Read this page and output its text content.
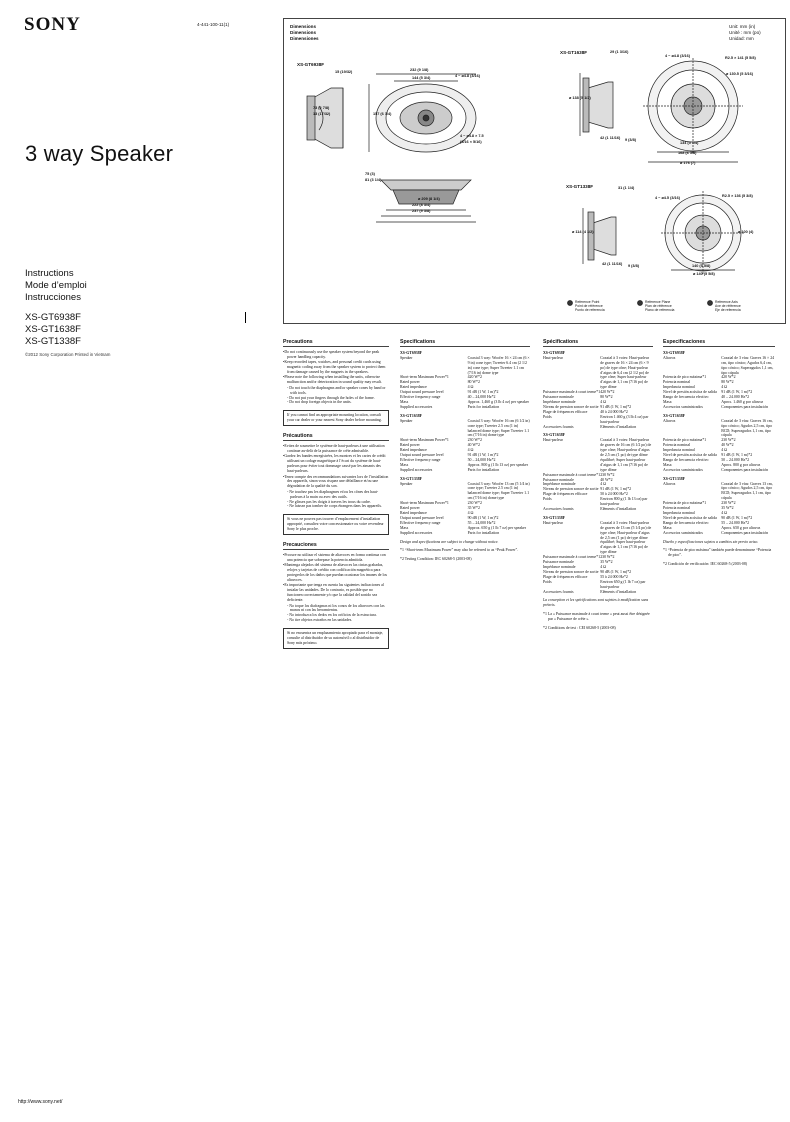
SONY	4-441-100-11(1)
3 way Speaker
Instructions
Mode d’emploi
Instrucciones
XS-GT6938F
XS-GT1638F
XS-GT1338F
©2012 Sony Corporation Printed in Vietnam
http://www.sony.net/
Dimensions
Dimensions
Dimensiones
Unit: mm (in)
Unité : mm (po)
Unidad: mm
XS-GT6938F
XS-GT1638F
XS-GT1338F
232 (9 1/8)
144 (5 3/4)	4 − ø4.8 (3/16)
15 (19/32)
73 (2 7/8)
13 (17/32)	157 (6 1/4)
4 − ø4.8 × 7.5
(3/16 × 5/16)
75 (3)
81 (3 1/4)
ø 209 (8 1/4)
222 (8 3/4)
237 (9 3/8)
29 (1 3/16)
4 − ø4.8 (3/16)	R2.5 × 141 (5 5/8)
ø 138 (5 1/2)
42 (1 11/16) 9 (3/8)
ø 130.5 (5 3/16)
134 (5 1/4)
168 (6 5/8)
ø 176 (7)
31 (1 1/4)
4 − ø4.5 (3/16)	R2.5 × 136 (5 3/8)
ø 114 (4 1/2)
42 (1 11/16) 9 (3/8)
ø 100 (4)
140 (5 5/8)
ø 140 (5 5/8)
Reference Point
Point de référence
Punto de referencia
Reference Plane
Plan de référence
Plano de referencia
Reference Axis
Axe de référence
Eje de referencia
Precautions
•Do not continuously use the speaker system beyond the peak power handling capacity.
•Keep recorded tapes, watches, and personal credit cards using magnetic coding away from the speaker system to protect them from damage caused by the magnets in the speakers.
•Please note the following when installing the units, otherwise malfunction and/or deterioration in sound quality may result.
- Do not touch the diaphragms and/or speaker cones by hand or with tools.
- Do not put your fingers through the holes of the frame.
- Do not drop foreign objects in the units.
If you cannot find an appropriate mounting location, consult your car dealer or your nearest Sony dealer before mounting.
Précautions
•Evitez de soumettre le système de haut-parleurs à une utilisation continue au-delà de la puissance de crête admissible.
•Gardez les bandes enregistrées, les montres et les cartes de crédit utilisant un codage magnétique à l’écart du système de haut-parleurs pour éviter tout dommage causé par les aimants des haut-parleurs.
•Tenez compte des recommandations suivantes lors de l’installation des appareils, sinon vous risquez une défaillance et/ou une dégradation de la qualité du son.
- Ne touchez pas les diaphragmes et/ou les cônes des haut-parleurs à la main ou avec des outils.
- Ne glissez pas les doigts à travers les trous du cadre.
- Ne laissez pas tomber de corps étrangers dans les appareils.
Si vous ne pouvez pas trouver d’emplacement d’installation approprié, consultez votre concessionnaire ou votre revendeur Sony le plus proche.
Precauciones
•Procure no utilizar el sistema de altavoces en forma continua con una potencia que sobrepase la potencia admitida.
•Mantenga alejados del sistema de altavoces las cintas grabadas, relojes y tarjetas de crédito con codificación magnética para protegerlos de los daños que puedan ocasionar los imanes de los altavoces.
•Es importante que tenga en cuenta las siguientes indicaciones al instalar las unidades. De lo contrario, es posible que no funcionen correctamente y/o que la calidad del sonido sea deficiente.
- No toque los diafragmas ni los conos de los altavoces con las manos ni con las herramientas.
- No introduzca los dedos en los orificios de la estructura.
- No tire objetos extraños en las unidades.
Si no encuentra un emplazamiento apropiado para el montaje, consulte al distribuidor de su automóvil o al distribuidor de Sony más próximo.
Specifications
XS-GT6938F
Speaker	Coaxial 3 way: Woofer 16 × 24 cm (6 × 9 in) cone type; Tweeter 6.4 cm (2 1/2 in) cone type; Super Tweeter 1.1 cm (7/16 in) dome type
Short-term Maximum Power*1	420 W*2
Rated power	80 W*2
Rated impedance	4 Ω
Output sound pressure level	91 dB (1 W, 1 m)*2
Effective frequency range	40 – 24,000 Hz*2
Mass	Approx. 1,460 g (3 lb 4 oz) per speaker
Supplied accessories	Parts for installation
XS-GT1638F
Speaker	Coaxial 3 way: Woofer 16 cm (6 1/2 in) cone type; Tweeter 2.5 cm (1 in) balanced dome type; Super Tweeter 1.1 cm (7/16 in) dome type
Short-term Maximum Power*1	230 W*2
Rated power	40 W*2
Rated impedance	4 Ω
Output sound pressure level	91 dB (1 W, 1 m)*2
Effective frequency range	50 – 24,000 Hz*2
Mass	Approx. 800 g (1 lb 13 oz) per speaker
Supplied accessories	Parts for installation
XS-GT1338F
Speaker	Coaxial 3 way: Woofer 13 cm (5 1/4 in) cone type; Tweeter 2.5 cm (1 in) balanced dome type; Super Tweeter 1.1 cm (7/16 in) dome type
Short-term Maximum Power*1	230 W*2
Rated power	35 W*2
Rated impedance	4 Ω
Output sound pressure level	90 dB (1 W, 1 m)*2
Effective frequency range	55 – 24,000 Hz*2
Mass	Approx. 650 g (1 lb 7 oz) per speaker
Supplied accessories	Parts for installation
Design and specifications are subject to change without notice.
*1 “Short-term Maximum Power” may also be referred to as “Peak Power”.
*2 Testing Condition: IEC 60268-5 (2003-08)
Spécifications
XS-GT6938F
Haut-parleur	Coaxial à 3 voies: Haut-parleur de graves de 16 × 24 cm (6 × 9 po) de type cône; Haut-parleur d’aigus de 6,4 cm (2 1/2 po) de type cône; Super haut-parleur d’aigus de 1,1 cm (7/16 po) de type dôme
Puissance maximale à court terme*1 420 W*2
Puissance nominale	80 W*2
Impédance nominale	4 Ω
Niveau de pression sonore de sortie 91 dB (1 W, 1 m)*2
Plage de fréquences efficace	40 à 24 000 Hz*2
Poids	Environ 1 460 g (3 lb 4 oz) par haut-parleur
Accessoires fournis	Eléments d’installation
XS-GT1638F
Haut-parleur	Coaxial à 3 voies: Haut-parleur de graves de 16 cm (6 1/2 po) de type cône; Haut-parleur d’aigus de 2,5 cm (1 po) de type dôme équilibré; Super haut-parleur d’aigus de 1,1 cm (7/16 po) de type dôme
Puissance maximale à court terme*1 230 W*2
Puissance nominale	40 W*2
Impédance nominale	4 Ω
Niveau de pression sonore de sortie 91 dB (1 W, 1 m)*2
Plage de fréquences efficace	50 à 24 000 Hz*2
Poids	Environ 800 g (1 lb 13 oz) par haut-parleur
Accessoires fournis	Eléments d’installation
XS-GT1338F
Haut-parleur	Coaxial à 3 voies: Haut-parleur de graves de 13 cm (5 1/4 po) de type cône; Haut-parleur d’aigus de 2,5 cm (1 po) de type dôme équilibré; Super haut-parleur d’aigus de 1,1 cm (7/16 po) de type dôme
Puissance maximale à court terme*1 230 W*2
Puissance nominale	35 W*2
Impédance nominale	4 Ω
Niveau de pression sonore de sortie 90 dB (1 W, 1 m)*2
Plage de fréquences efficace	55 à 24 000 Hz*2
Poids	Environ 650 g (1 lb 7 oz) par haut-parleur
Accessoires fournis	Eléments d’installation
La conception et les spécifications sont sujettes à modification sans préavis.
*1 La « Puissance maximale à court terme » peut aussi être désignée par « Puissance de crête ».
*2 Conditions de test : CEI 60268-5 (2003-08)
Especificaciones
XS-GT6938F
Altavoz	Coaxial de 3 vías: Graves 16 × 24 cm, tipo cónico; Agudos 6,4 cm, tipo cónico; Superagudos 1,1 cm, tipo cúpula
Potencia de pico máxima*1	420 W*2
Potencia nominal	80 W*2
Impedancia nominal	4 Ω
Nivel de presión acústica de salida	91 dB (1 W, 1 m)*2
Rango de frecuencia efectivo	40 – 24.000 Hz*2
Masa	Aprox. 1.460 g por altavoz
Accesorios suministrados	Componentes para instalación
XS-GT1638F
Altavoz	Coaxial de 3 vías: Graves 16 cm, tipo cónico; Agudos 2,5 cm, tipo BCD; Superagudos 1,1 cm, tipo cúpula
Potencia de pico máxima*1	230 W*2
Potencia nominal	40 W*2
Impedancia nominal	4 Ω
Nivel de presión acústica de salida	91 dB (1 W, 1 m)*2
Rango de frecuencia efectivo	50 – 24.000 Hz*2
Masa	Aprox. 800 g por altavoz
Accesorios suministrados	Componentes para instalación
XS-GT1338F
Altavoz	Coaxial de 3 vías: Graves 13 cm, tipo cónico; Agudos 2,5 cm, tipo BCD; Superagudos 1,1 cm, tipo cúpula
Potencia de pico máxima*1	230 W*2
Potencia nominal	35 W*2
Impedancia nominal	4 Ω
Nivel de presión acústica de salida	90 dB (1 W, 1 m)*2
Rango de frecuencia efectivo	55 – 24.000 Hz*2
Masa	Aprox. 650 g por altavoz
Accesorios suministrados	Componentes para instalación
Diseño y especificaciones sujetos a cambios sin previo aviso.
*1 “Potencia de pico máxima” también puede denominarse “Potencia de pico”.
*2 Condición de verificación: IEC 60268-5 (2003-08)
